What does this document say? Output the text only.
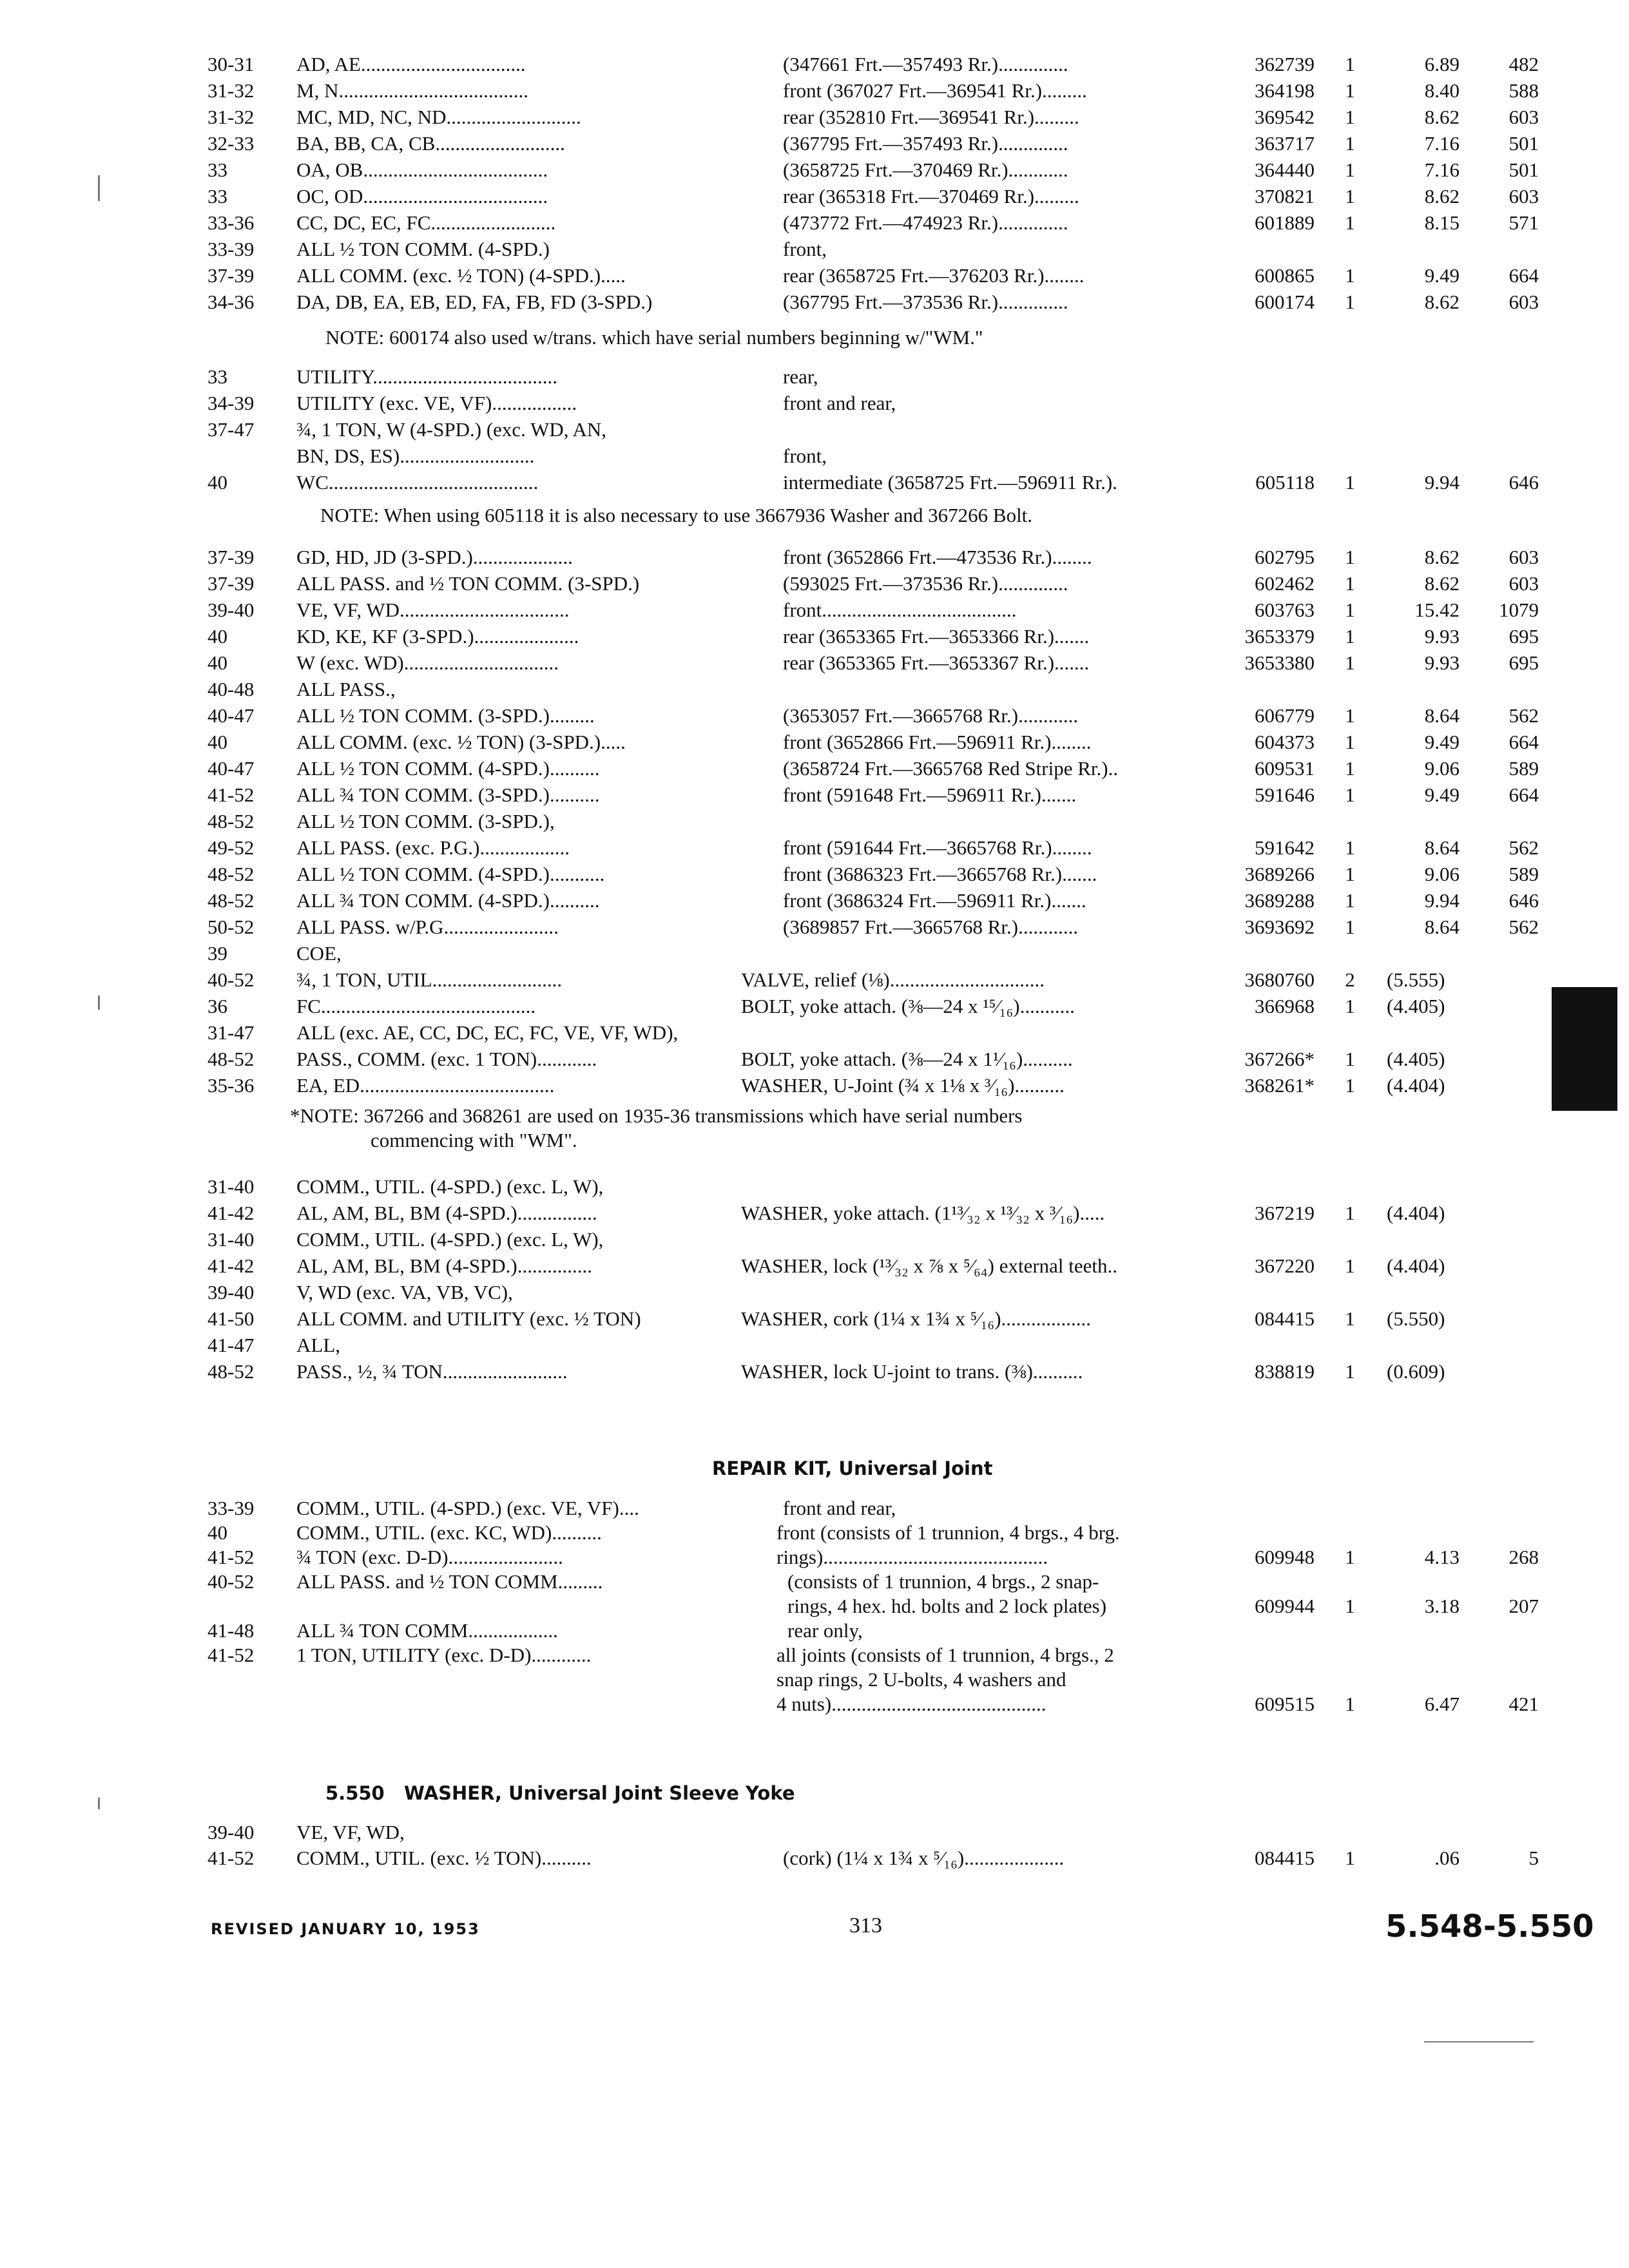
30-31 AD, AE.................................	(347661 Frt.—357493 Rr.)..............	362739 1	6.89	482
31-32 M, N......................................	front (367027 Frt.—369541 Rr.).........	364198 1	8.40	588
31-32 MC, MD, NC, ND...........................	rear (352810 Frt.—369541 Rr.).........	369542 1	8.62	603
32-33 BA, BB, CA, CB..........................	(367795 Frt.—357493 Rr.)..............	363717 1	7.16	501
33	OA, OB.....................................	(3658725 Frt.—370469 Rr.)............	364440 1	7.16	501
33	OC, OD.....................................	rear (365318 Frt.—370469 Rr.).........	370821 1	8.62	603
33-36 CC, DC, EC, FC.........................	(473772 Frt.—474923 Rr.)..............	601889 1	8.15	571
33-39 ALL ½ TON COMM. (4-SPD.)	front,
37-39 ALL COMM. (exc. ½ TON) (4-SPD.).....	rear (3658725 Frt.—376203 Rr.)........	600865 1	9.49	664
34-36 DA, DB, EA, EB, ED, FA, FB, FD (3-SPD.)	(367795 Frt.—373536 Rr.)..............	600174 1	8.62	603
NOTE: 600174 also used w/trans. which have serial numbers beginning w/"WM."
33	UTILITY.....................................	rear,
34-39 UTILITY (exc. VE, VF).................	front and rear,
37-47 ¾, 1 TON, W (4-SPD.) (exc. WD, AN,
BN, DS, ES)...........................	front,
40	WC..........................................	intermediate (3658725 Frt.—596911 Rr.).	605118 1	9.94	646
NOTE: When using 605118 it is also necessary to use 3667936 Washer and 367266 Bolt.
37-39 GD, HD, JD (3-SPD.)....................	front (3652866 Frt.—473536 Rr.)........	602795 1	8.62	603
37-39 ALL PASS. and ½ TON COMM. (3-SPD.)	(593025 Frt.—373536 Rr.)..............	602462 1	8.62	603
39-40 VE, VF, WD..................................	front.......................................	603763 1	15.42	1079
40	KD, KE, KF (3-SPD.).....................	rear (3653365 Frt.—3653366 Rr.).......	3653379 1	9.93	695
40	W (exc. WD)...............................	rear (3653365 Frt.—3653367 Rr.).......	3653380 1	9.93	695
40-48 ALL PASS.,
40-47 ALL ½ TON COMM. (3-SPD.).........	(3653057 Frt.—3665768 Rr.)............	606779 1	8.64	562
40	ALL COMM. (exc. ½ TON) (3-SPD.).....	front (3652866 Frt.—596911 Rr.)........	604373 1	9.49	664
40-47 ALL ½ TON COMM. (4-SPD.)..........	(3658724 Frt.—3665768 Red Stripe Rr.)..	609531 1	9.06	589
41-52 ALL ¾ TON COMM. (3-SPD.)..........	front (591648 Frt.—596911 Rr.).......	591646 1	9.49	664
48-52 ALL ½ TON COMM. (3-SPD.),
49-52 ALL PASS. (exc. P.G.)..................	front (591644 Frt.—3665768 Rr.)........	591642 1	8.64	562
48-52 ALL ½ TON COMM. (4-SPD.)...........	front (3686323 Frt.—3665768 Rr.).......	3689266 1	9.06	589
48-52 ALL ¾ TON COMM. (4-SPD.)..........	front (3686324 Frt.—596911 Rr.).......	3689288 1	9.94	646
50-52 ALL PASS. w/P.G.......................	(3689857 Frt.—3665768 Rr.)............	3693692 1	8.64	562
39	COE,
40-52 ¾, 1 TON, UTIL..........................	VALVE, relief (⅛)...............................	3680760 2 (5.555)
36	FC...........................................	BOLT, yoke attach. (⅜—24 x ¹⁵⁄₁₆)...........	366968 1 (4.405)
31-47 ALL (exc. AE, CC, DC, EC, FC, VE, VF, WD),
48-52 PASS., COMM. (exc. 1 TON)............	BOLT, yoke attach. (⅜—24 x 1¹⁄₁₆)..........	367266* 1 (4.405)
35-36 EA, ED.......................................	WASHER, U-Joint (¾ x 1⅛ x ³⁄₁₆)..........	368261* 1 (4.404)
*NOTE: 367266 and 368261 are used on 1935-36 transmissions which have serial numbers
commencing with "WM".
31-40 COMM., UTIL. (4-SPD.) (exc. L, W),
41-42 AL, AM, BL, BM (4-SPD.)................	WASHER, yoke attach. (1¹³⁄₃₂ x ¹³⁄₃₂ x ³⁄₁₆).....	367219 1 (4.404)
31-40 COMM., UTIL. (4-SPD.) (exc. L, W),
41-42 AL, AM, BL, BM (4-SPD.)...............	WASHER, lock (¹³⁄₃₂ x ⅞ x ⁵⁄₆₄) external teeth..	367220 1 (4.404)
39-40 V, WD (exc. VA, VB, VC),
41-50 ALL COMM. and UTILITY (exc. ½ TON)	WASHER, cork (1¼ x 1¾ x ⁵⁄₁₆)..................	084415 1 (5.550)
41-47 ALL,
48-52 PASS., ½, ¾ TON.........................	WASHER, lock U-joint to trans. (⅜)..........	838819 1 (0.609)
REPAIR KIT, Universal Joint
33-39 COMM., UTIL. (4-SPD.) (exc. VE, VF)....	front and rear,
40	COMM., UTIL. (exc. KC, WD)..........	front (consists of 1 trunnion, 4 brgs., 4 brg.
41-52 ¾ TON (exc. D-D).......................	rings).............................................	609948 1	4.13	268
40-52 ALL PASS. and ½ TON COMM.........	(consists of 1 trunnion, 4 brgs., 2 snap-
rings, 4 hex. hd. bolts and 2 lock plates)	609944 1	3.18	207
41-48 ALL ¾ TON COMM..................	rear only,
41-52 1 TON, UTILITY (exc. D-D)............	all joints (consists of 1 trunnion, 4 brgs., 2
snap rings, 2 U-bolts, 4 washers and
4 nuts)...........................................	609515 1	6.47	421
5.550   WASHER, Universal Joint Sleeve Yoke
39-40 VE, VF, WD,
41-52 COMM., UTIL. (exc. ½ TON)..........	(cork) (1¼ x 1¾ x ⁵⁄₁₆)....................	084415 1	.06	5
REVISED JANUARY 10, 1953	313	5.548-5.550
